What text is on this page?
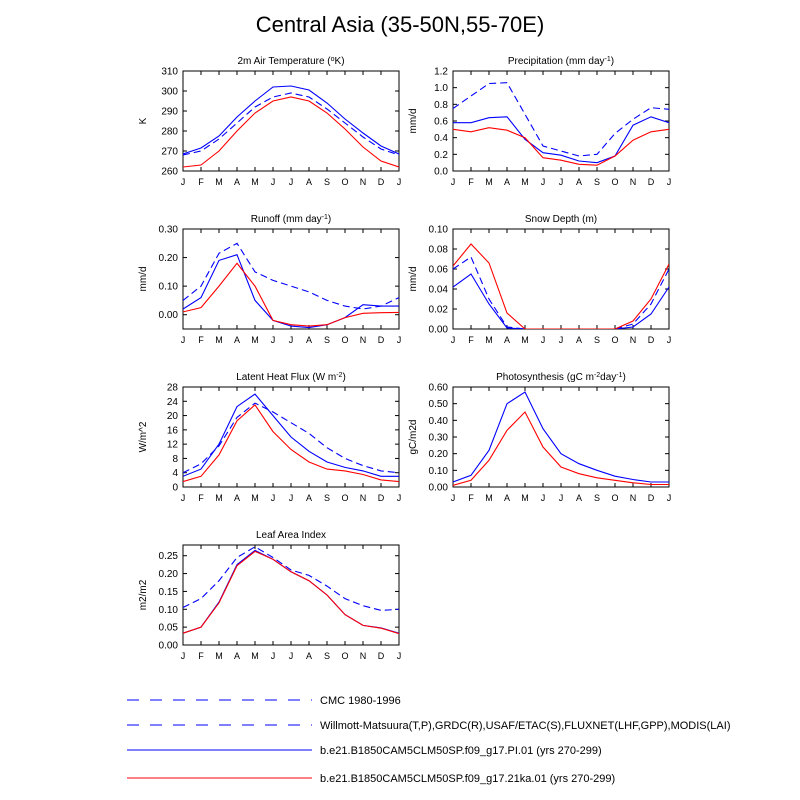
Central Asia (35-50N,55-70E)
2m Air Temperature ($^o$K)
K
J F M A M J J A S O N D J
260
270
280
290
300
310
Precipitation (mm day$^{-1}$)
mm/d
J F M A M J J A S O N D J
0.0
0.2
0.4
0.6
0.8
1.0
1.2
Runoff (mm day$^{-1}$)
mm/d
J F M A M J J A S O N D J
0.00
0.10
0.20
0.30
Snow Depth (m)
mm/d
J F M A M J J A S O N D J
0.00
0.02
0.04
0.06
0.08
0.10
Latent Heat Flux (W $m^{-2}$)
W/m^2
J F M A M J J A S O N D J
0
4
8
12
16
20
24
28
Photosynthesis (gC $m^{-2}day^{-1}$)
gC/m2d
J F M A M J J A S O N D J
0.00
0.10
0.20
0.30
0.40
0.50
0.60
Leaf Area Index
m2/m2
J F M A M J J A S O N D J
0.00
0.05
0.10
0.15
0.20
0.25
CMC 1980-1996
Willmott-Matsuura(T,P),GRDC(R),USAF/ETAC(S),FLUXNET(LHF,GPP),MODIS(LAI)
b.e21.B1850CAM5CLM50SP.f09_g17.PI.01 (yrs 270-299)
b.e21.B1850CAM5CLM50SP.f09_g17.21ka.01 (yrs 270-299)
